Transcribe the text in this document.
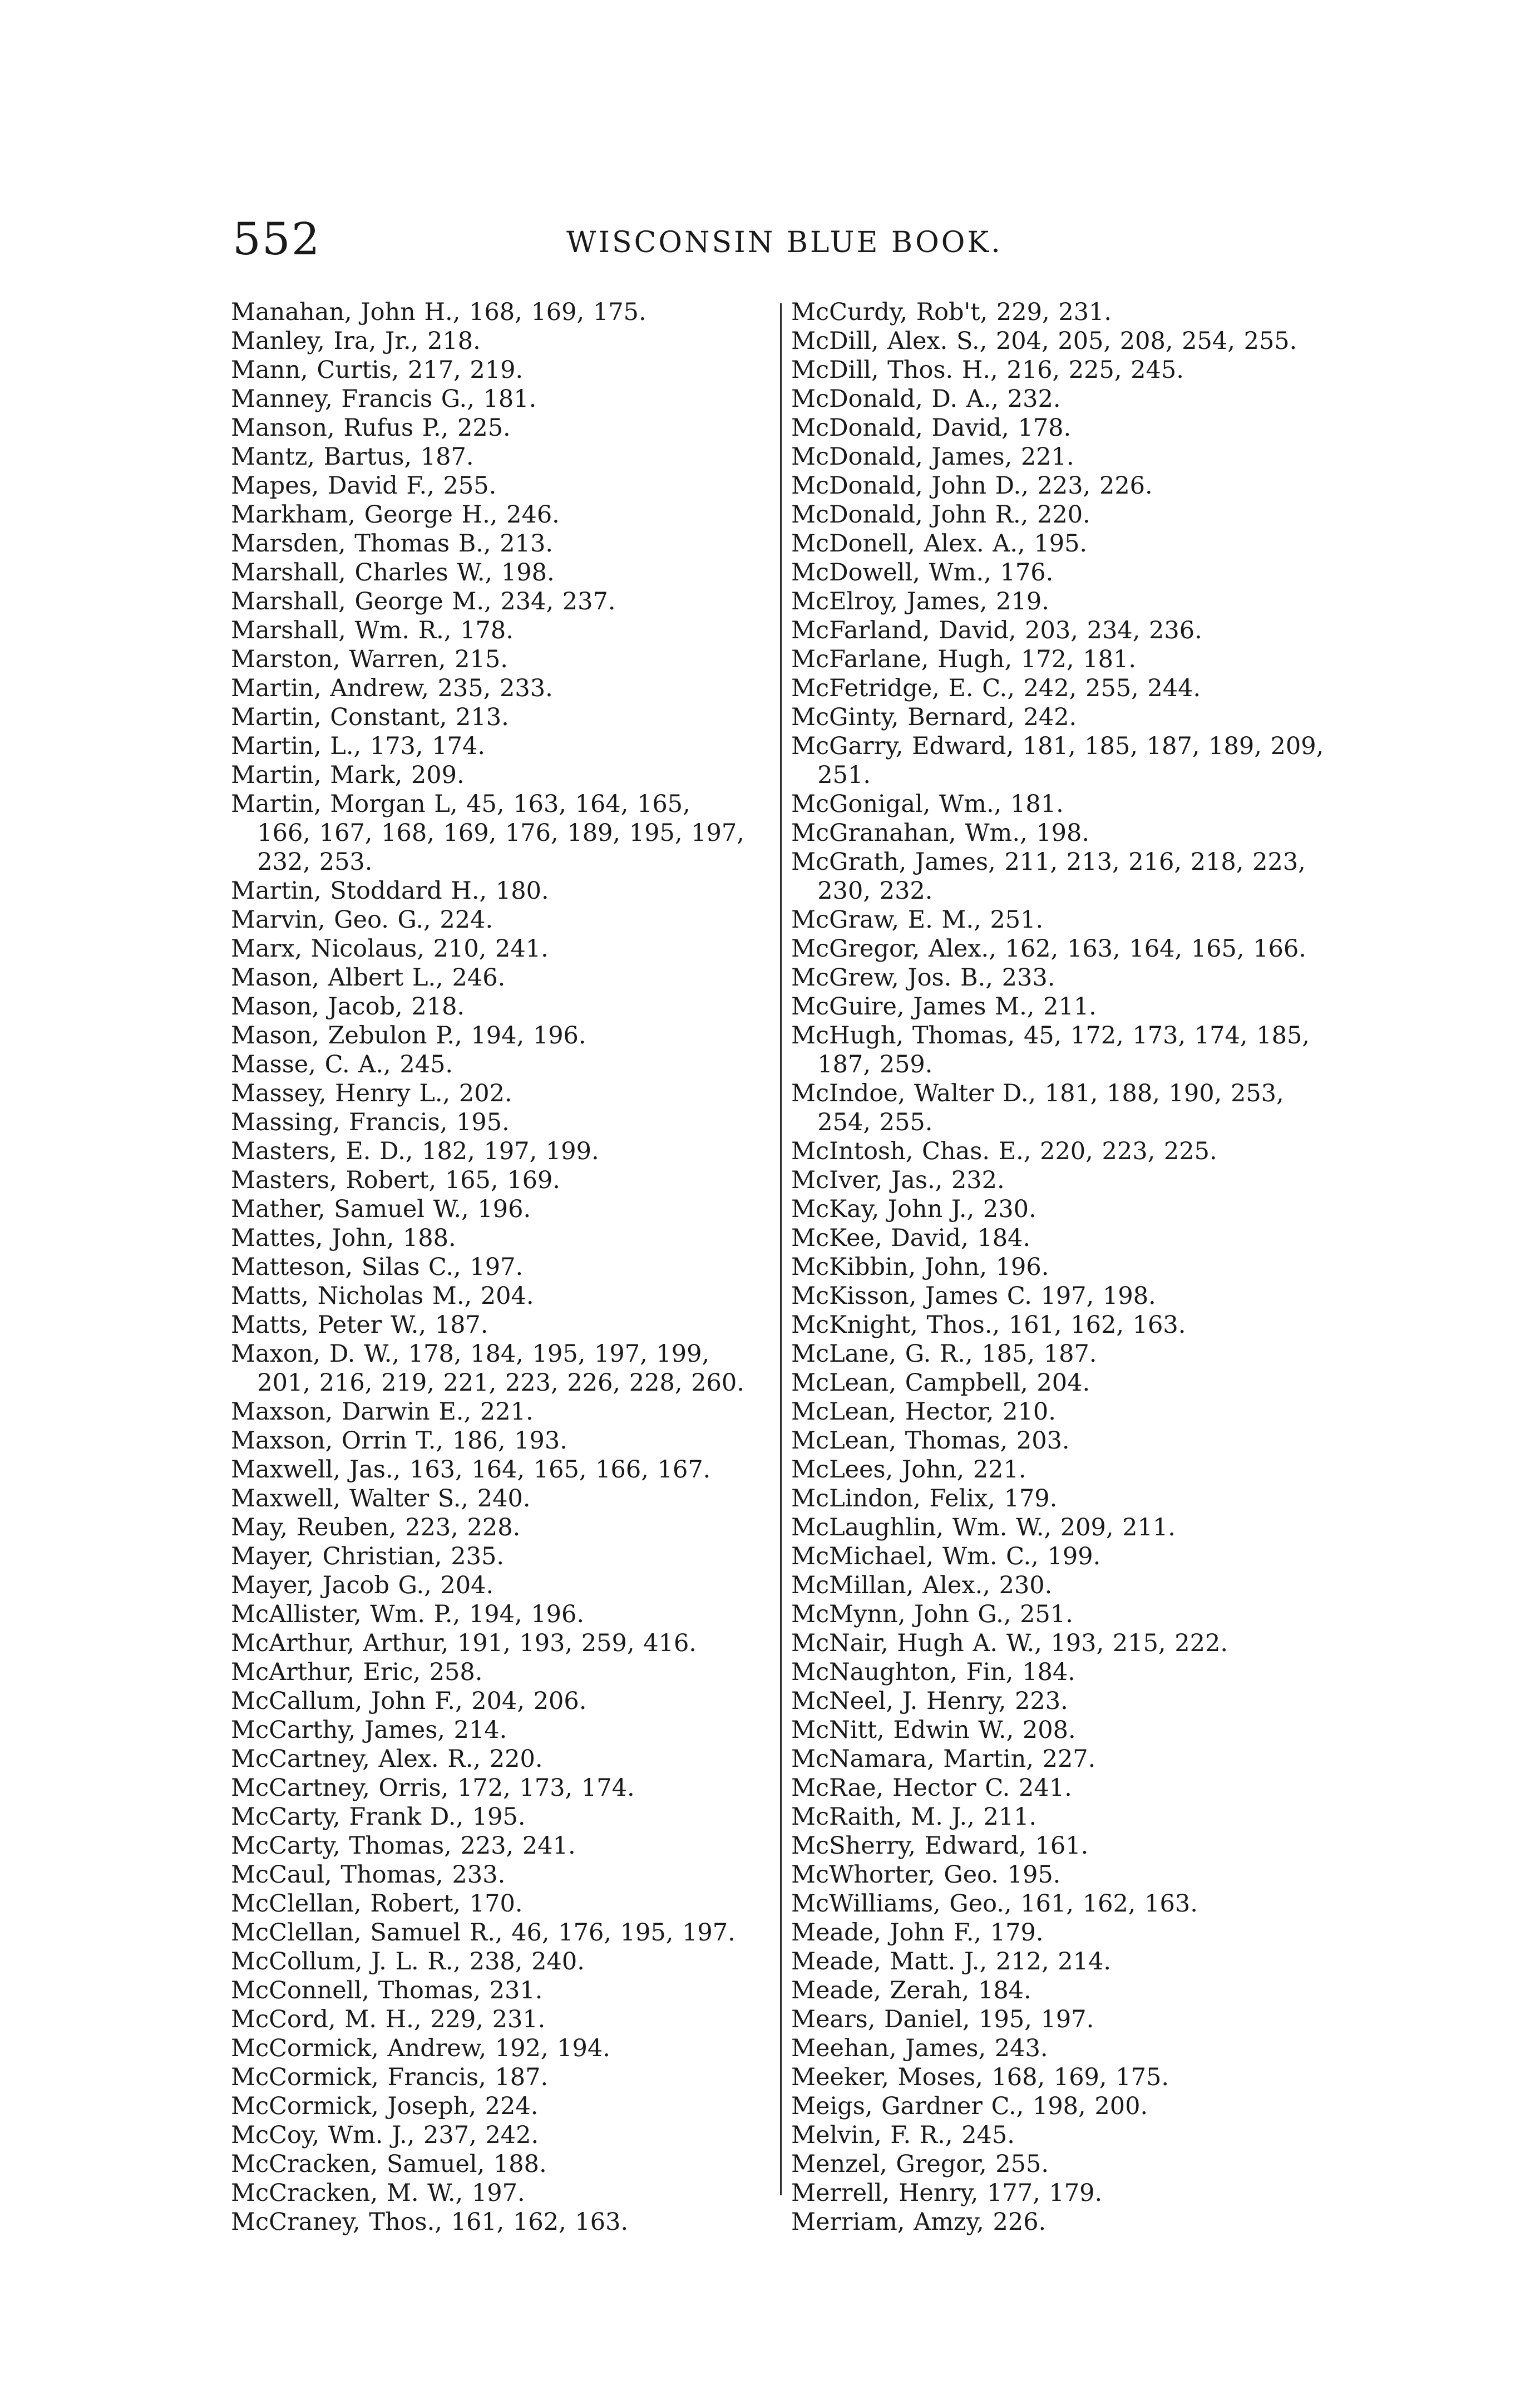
552	WISCONSIN BLUE BOOK.
Manahan, John H., 168, 169, 175.
Manley, Ira, Jr., 218.
Mann, Curtis, 217, 219.
Manney, Francis G., 181.
Manson, Rufus P., 225.
Mantz, Bartus, 187.
Mapes, David F., 255.
Markham, George H., 246.
Marsden, Thomas B., 213.
Marshall, Charles W., 198.
Marshall, George M., 234, 237.
Marshall, Wm. R., 178.
Marston, Warren, 215.
Martin, Andrew, 235, 233.
Martin, Constant, 213.
Martin, L., 173, 174.
Martin, Mark, 209.
Martin, Morgan L, 45, 163, 164, 165, 166, 167, 168, 169, 176, 189, 195, 197, 232, 253.
Martin, Stoddard H., 180.
Marvin, Geo. G., 224.
Marx, Nicolaus, 210, 241.
Mason, Albert L., 246.
Mason, Jacob, 218.
Mason, Zebulon P., 194, 196.
Masse, C. A., 245.
Massey, Henry L., 202.
Massing, Francis, 195.
Masters, E. D., 182, 197, 199.
Masters, Robert, 165, 169.
Mather, Samuel W., 196.
Mattes, John, 188.
Matteson, Silas C., 197.
Matts, Nicholas M., 204.
Matts, Peter W., 187.
Maxon, D. W., 178, 184, 195, 197, 199, 201, 216, 219, 221, 223, 226, 228, 260.
Maxson, Darwin E., 221.
Maxson, Orrin T., 186, 193.
Maxwell, Jas., 163, 164, 165, 166, 167.
Maxwell, Walter S., 240.
May, Reuben, 223, 228.
Mayer, Christian, 235.
Mayer, Jacob G., 204.
McAllister, Wm. P., 194, 196.
McArthur, Arthur, 191, 193, 259, 416.
McArthur, Eric, 258.
McCallum, John F., 204, 206.
McCarthy, James, 214.
McCartney, Alex. R., 220.
McCartney, Orris, 172, 173, 174.
McCarty, Frank D., 195.
McCarty, Thomas, 223, 241.
McCaul, Thomas, 233.
McClellan, Robert, 170.
McClellan, Samuel R., 46, 176, 195, 197.
McCollum, J. L. R., 238, 240.
McConnell, Thomas, 231.
McCord, M. H., 229, 231.
McCormick, Andrew, 192, 194.
McCormick, Francis, 187.
McCormick, Joseph, 224.
McCoy, Wm. J., 237, 242.
McCracken, Samuel, 188.
McCracken, M. W., 197.
McCraney, Thos., 161, 162, 163.
McCurdy, Rob't, 229, 231.
McDill, Alex. S., 204, 205, 208, 254, 255.
McDill, Thos. H., 216, 225, 245.
McDonald, D. A., 232.
McDonald, David, 178.
McDonald, James, 221.
McDonald, John D., 223, 226.
McDonald, John R., 220.
McDonell, Alex. A., 195.
McDowell, Wm., 176.
McElroy, James, 219.
McFarland, David, 203, 234, 236.
McFarlane, Hugh, 172, 181.
McFetridge, E. C., 242, 255, 244.
McGinty, Bernard, 242.
McGarry, Edward, 181, 185, 187, 189, 209, 251.
McGonigal, Wm., 181.
McGranahan, Wm., 198.
McGrath, James, 211, 213, 216, 218, 223, 230, 232.
McGraw, E. M., 251.
McGregor, Alex., 162, 163, 164, 165, 166.
McGrew, Jos. B., 233.
McGuire, James M., 211.
McHugh, Thomas, 45, 172, 173, 174, 185, 187, 259.
McIndoe, Walter D., 181, 188, 190, 253, 254, 255.
McIntosh, Chas. E., 220, 223, 225.
McIver, Jas., 232.
McKay, John J., 230.
McKee, David, 184.
McKibbin, John, 196.
McKisson, James C. 197, 198.
McKnight, Thos., 161, 162, 163.
McLane, G. R., 185, 187.
McLean, Campbell, 204.
McLean, Hector, 210.
McLean, Thomas, 203.
McLees, John, 221.
McLindon, Felix, 179.
McLaughlin, Wm. W., 209, 211.
McMichael, Wm. C., 199.
McMillan, Alex., 230.
McMynn, John G., 251.
McNair, Hugh A. W., 193, 215, 222.
McNaughton, Fin, 184.
McNeel, J. Henry, 223.
McNitt, Edwin W., 208.
McNamara, Martin, 227.
McRae, Hector C. 241.
McRaith, M. J., 211.
McSherry, Edward, 161.
McWhorter, Geo. 195.
McWilliams, Geo., 161, 162, 163.
Meade, John F., 179.
Meade, Matt. J., 212, 214.
Meade, Zerah, 184.
Mears, Daniel, 195, 197.
Meehan, James, 243.
Meeker, Moses, 168, 169, 175.
Meigs, Gardner C., 198, 200.
Melvin, F. R., 245.
Menzel, Gregor, 255.
Merrell, Henry, 177, 179.
Merriam, Amzy, 226.
